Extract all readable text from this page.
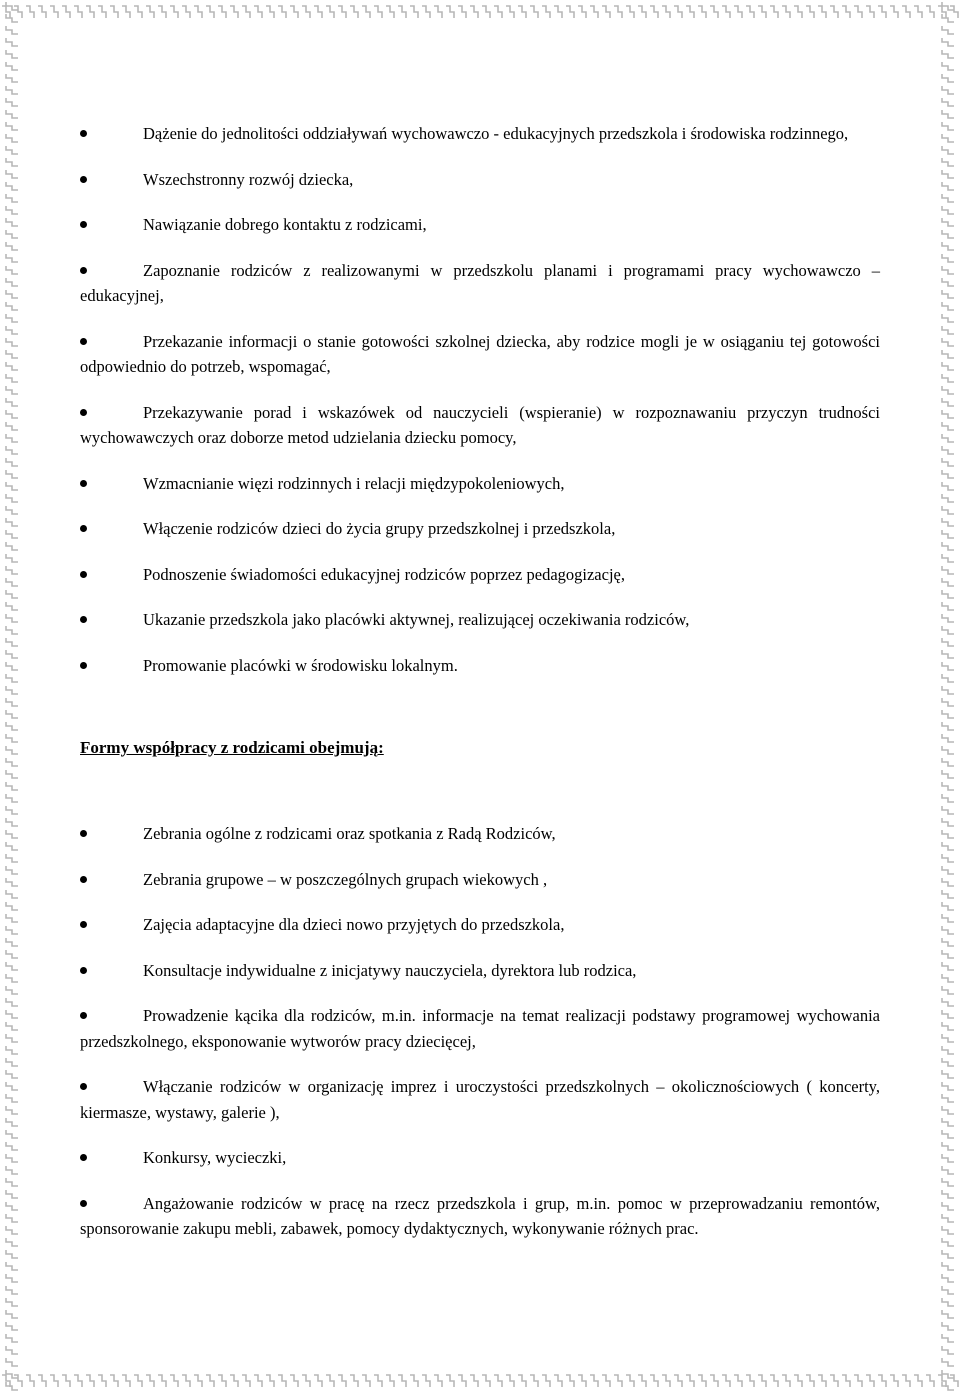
Dążenie do jednolitości oddziaływań wychowawczo - edukacyjnych przedszkola i środowiska rodzinnego,
Wszechstronny rozwój dziecka,
Nawiązanie dobrego kontaktu z rodzicami,
Zapoznanie rodziców z realizowanymi w przedszkolu planami i programami pracy wychowawczo – edukacyjnej,
Przekazanie informacji o stanie gotowości szkolnej dziecka, aby rodzice mogli je w osiąganiu tej gotowości odpowiednio do potrzeb, wspomagać,
Przekazywanie porad i wskazówek od nauczycieli (wspieranie) w rozpoznawaniu przyczyn trudności wychowawczych oraz doborze metod udzielania dziecku pomocy,
Wzmacnianie więzi rodzinnych i relacji międzypokoleniowych,
Włączenie rodziców dzieci do życia grupy przedszkolnej i przedszkola,
Podnoszenie świadomości edukacyjnej rodziców poprzez pedagogizację,
Ukazanie przedszkola jako placówki aktywnej, realizującej oczekiwania rodziców,
Promowanie placówki w środowisku lokalnym.
Formy współpracy z rodzicami obejmują:
Zebrania ogólne z rodzicami oraz spotkania z Radą Rodziców,
Zebrania grupowe – w poszczególnych grupach wiekowych ,
Zajęcia adaptacyjne dla dzieci nowo przyjętych do przedszkola,
Konsultacje indywidualne z inicjatywy nauczyciela, dyrektora lub rodzica,
Prowadzenie kącika dla rodziców, m.in. informacje na temat realizacji podstawy programowej wychowania przedszkolnego, eksponowanie wytworów pracy dziecięcej,
Włączanie rodziców w organizację imprez i uroczystości przedszkolnych – okolicznościowych ( koncerty, kiermasze, wystawy, galerie ),
Konkursy, wycieczki,
Angażowanie rodziców w pracę na rzecz przedszkola i grup, m.in. pomoc w przeprowadzaniu remontów, sponsorowanie zakupu mebli, zabawek, pomocy dydaktycznych, wykonywanie różnych prac.
